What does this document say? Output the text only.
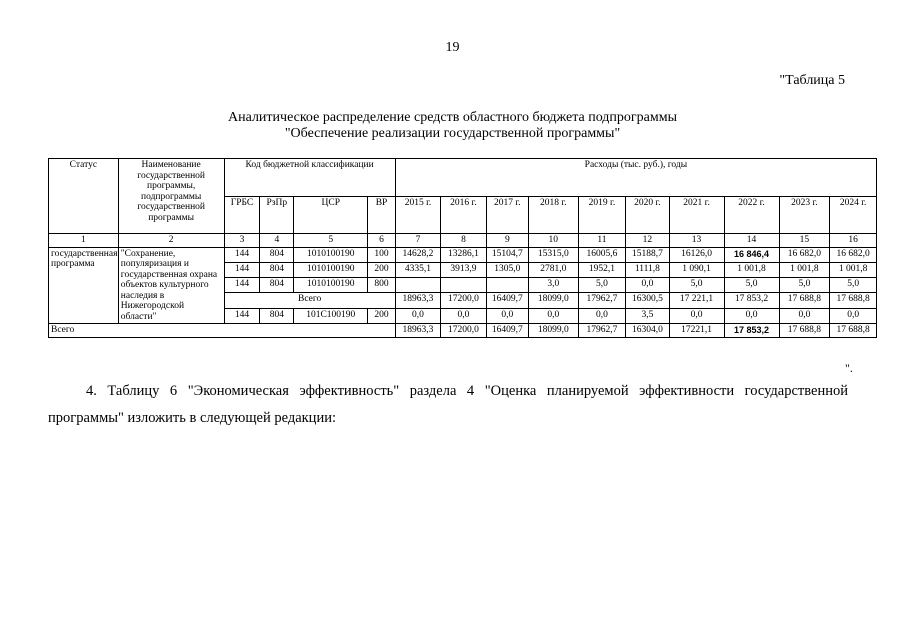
19
"Таблица 5
Аналитическое распределение средств областного бюджета подпрограммы
"Обеспечение реализации государственной программы"
Статус	Наименование государственной программы, подпрограммы государственной программы	Код бюджетной классификации				Расходы (тыс. руб.), годы									
		ГРБС	РзПр	ЦСР	ВР	2015 г.	2016 г.	2017 г.	2018 г.	2019 г.	2020 г.	2021 г.	2022 г.	2023 г.	2024 г.
1	2	3	4	5	6	7	8	9	10	11	12	13	14	15	16
государственная программа	"Сохранение, популяризация и государственная охрана объектов культурного наследия в Нижегородской области"	144	804	1010100190	100	14628,2	13286,1	15104,7	15315,0	16005,6	15188,7	16126,0	16 846,4	16 682,0	16 682,0
		144	804	1010100190	200	4335,1	3913,9	1305,0	2781,0	1952,1	1111,8	1 090,1	1 001,8	1 001,8	1 001,8
		144	804	1010100190	800				3,0	5,0	0,0	5,0	5,0	5,0	5,0
		Всего				18963,3	17200,0	16409,7	18099,0	17962,7	16300,5	17 221,1	17 853,2	17 688,8	17 688,8
		144	804	101С100190	200	0,0	0,0	0,0	0,0	0,0	3,5	0,0	0,0	0,0	0,0
Всего						18963,3	17200,0	16409,7	18099,0	17962,7	16304,0	17221,1	17 853,2	17 688,8	17 688,8
".
4. Таблицу 6 "Экономическая эффективность" раздела 4 "Оценка планируемой эффективности государственной программы" изложить в следующей редакции:
